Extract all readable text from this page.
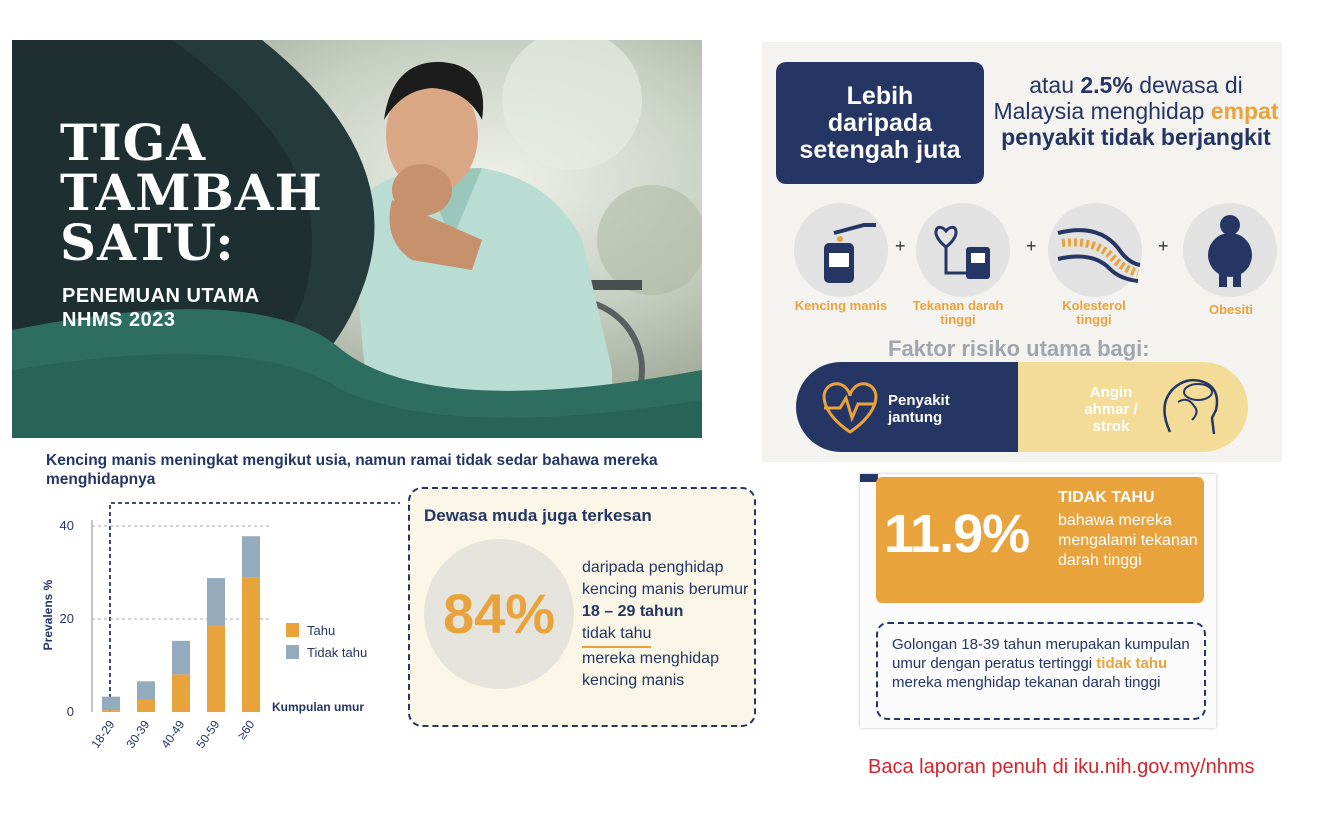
TIGA
TAMBAH
SATU:
PENEMUAN UTAMA
NHMS 2023
Lebih
daripada
setengah juta
atau 2.5% dewasa di Malaysia menghidap empat penyakit tidak berjangkit
+	+	+
Kencing manis	Tekanan darah tinggi
Kolesterol tinggi
Obesiti
Faktor risiko utama bagi:
Penyakit jantung
Angin ahmar / strok
Kencing manis meningkat mengikut usia, namun ramai tidak sedar bahawa mereka menghidapnya
0
20
40
18-29 30-39 40-49 50-59 ≥60
Prevalens %
Kumpulan umur
Tahu
Tidak tahu
Dewasa muda juga terkesan
84%
daripada penghidap kencing manis berumur
18 – 29 tahun
tidak tahu
mereka menghidap kencing manis
11.9%
TIDAK TAHU
bahawa mereka mengalami tekanan darah tinggi
Golongan 18-39 tahun merupakan kumpulan umur dengan peratus tertinggi tidak tahu mereka menghidap tekanan darah tinggi
Baca laporan penuh di iku.nih.gov.my/nhms
